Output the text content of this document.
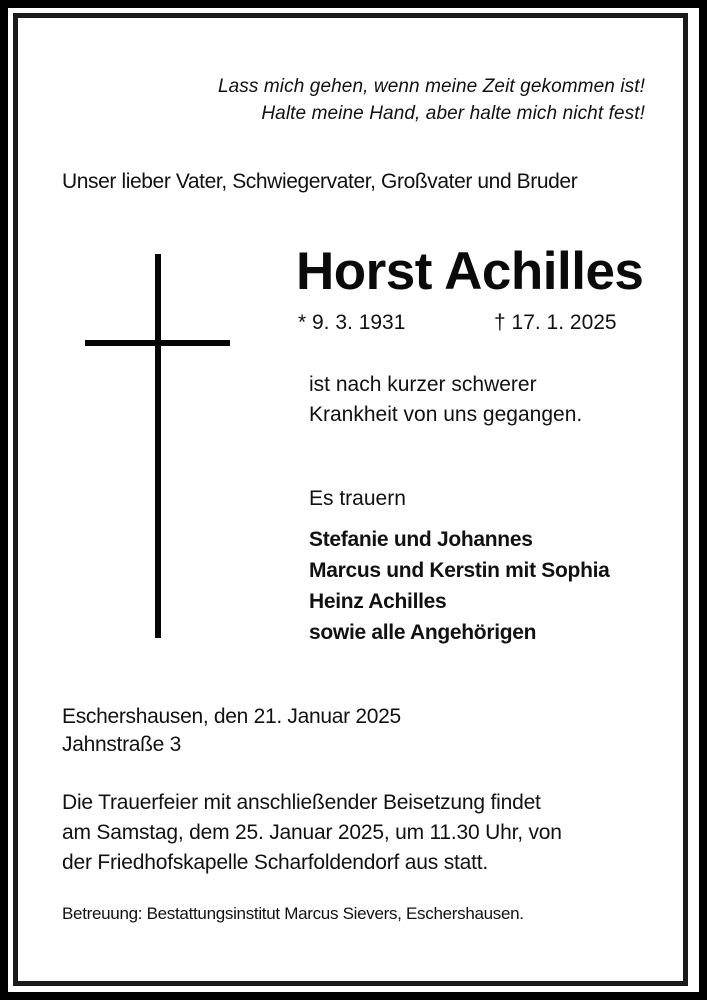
Lass mich gehen, wenn meine Zeit gekommen ist!
Halte meine Hand, aber halte mich nicht fest!
Unser lieber Vater, Schwiegervater, Großvater und Bruder
Horst Achilles
* 9. 3. 1931	† 17. 1. 2025
ist nach kurzer schwerer
Krankheit von uns gegangen.
Es trauern
Stefanie und Johannes
Marcus und Kerstin mit Sophia
Heinz Achilles
sowie alle Angehörigen
Eschershausen, den 21. Januar 2025
Jahnstraße 3
Die Trauerfeier mit anschließender Beisetzung findet
am Samstag, dem 25. Januar 2025, um 11.30 Uhr, von
der Friedhofskapelle Scharfoldendorf aus statt.
Betreuung: Bestattungsinstitut Marcus Sievers, Eschershausen.
